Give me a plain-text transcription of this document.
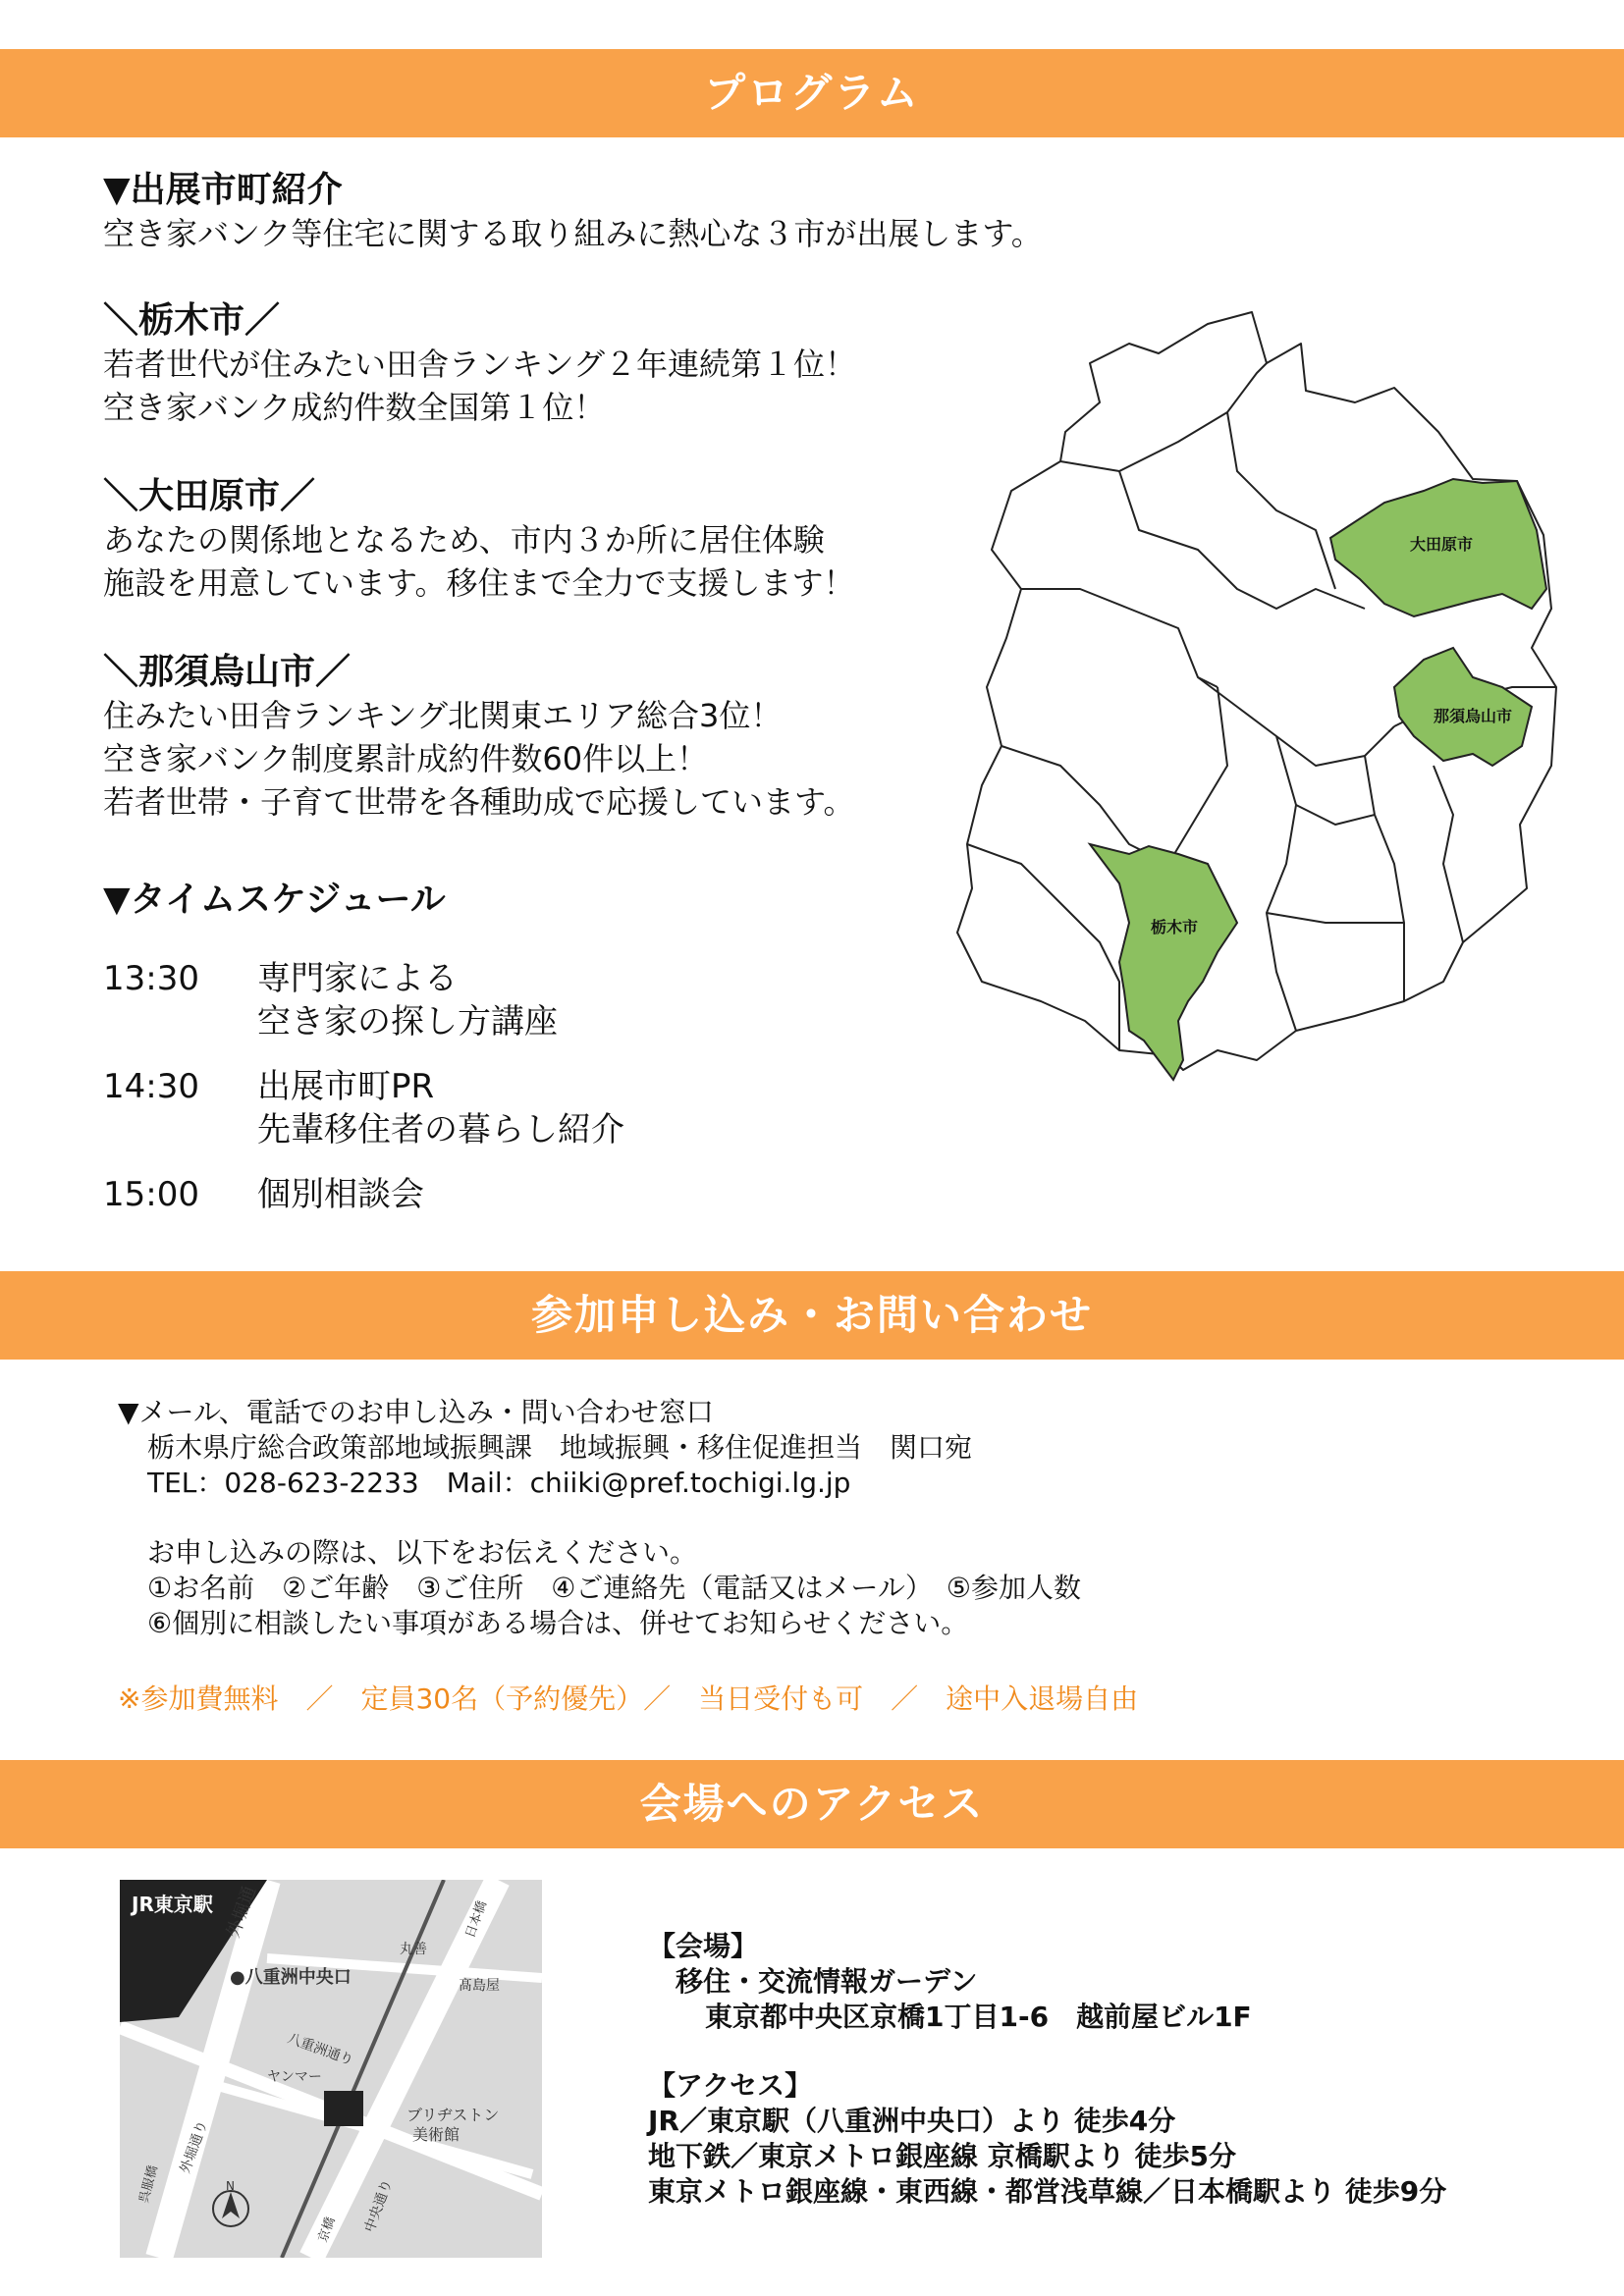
プログラム
▼出展市町紹介
空き家バンク等住宅に関する取り組みに熱心な３市が出展します。
＼栃木市／
若者世代が住みたい田舎ランキング２年連続第１位！
空き家バンク成約件数全国第１位！
＼大田原市／
あなたの関係地となるため、市内３か所に居住体験
施設を用意しています。移住まで全力で支援します！
＼那須烏山市／
住みたい田舎ランキング北関東エリア総合3位！
空き家バンク制度累計成約件数60件以上！
若者世帯・子育て世帯を各種助成で応援しています。
▼タイムスケジュール
13:30 専門家による
空き家の探し方講座
14:30 出展市町PR
先輩移住者の暮らし紹介
15:00 個別相談会
大田原市
那須烏山市
栃木市
参加申し込み・お問い合わせ
▼メール、電話でのお申し込み・問い合わせ窓口
栃木県庁総合政策部地域振興課　地域振興・移住促進担当　関口宛
TEL：028-623-2233　Mail：chiiki@pref.tochigi.lg.jp
お申し込みの際は、以下をお伝えください。
①お名前　②ご年齢　③ご住所　④ご連絡先（電話又はメール）　⑤参加人数
⑥個別に相談したい事項がある場合は、併せてお知らせください。
※参加費無料　／　定員30名（予約優先）／　当日受付も可　／　途中入退場自由
会場へのアクセス
JR東京駅 外堀通
●八重洲中央口
丸善
髙島屋
八重洲通り
ヤンマー
外堀通り
中央通り
ブリヂストン
美術館
日本橋
京橋
呉服橋	N
【会場】
移住・交流情報ガーデン
東京都中央区京橋1丁目1-6　越前屋ビル1F
【アクセス】
JR／東京駅（八重洲中央口）より 徒歩4分
地下鉄／東京メトロ銀座線 京橋駅より 徒歩5分
東京メトロ銀座線・東西線・都営浅草線／日本橋駅より 徒歩9分
